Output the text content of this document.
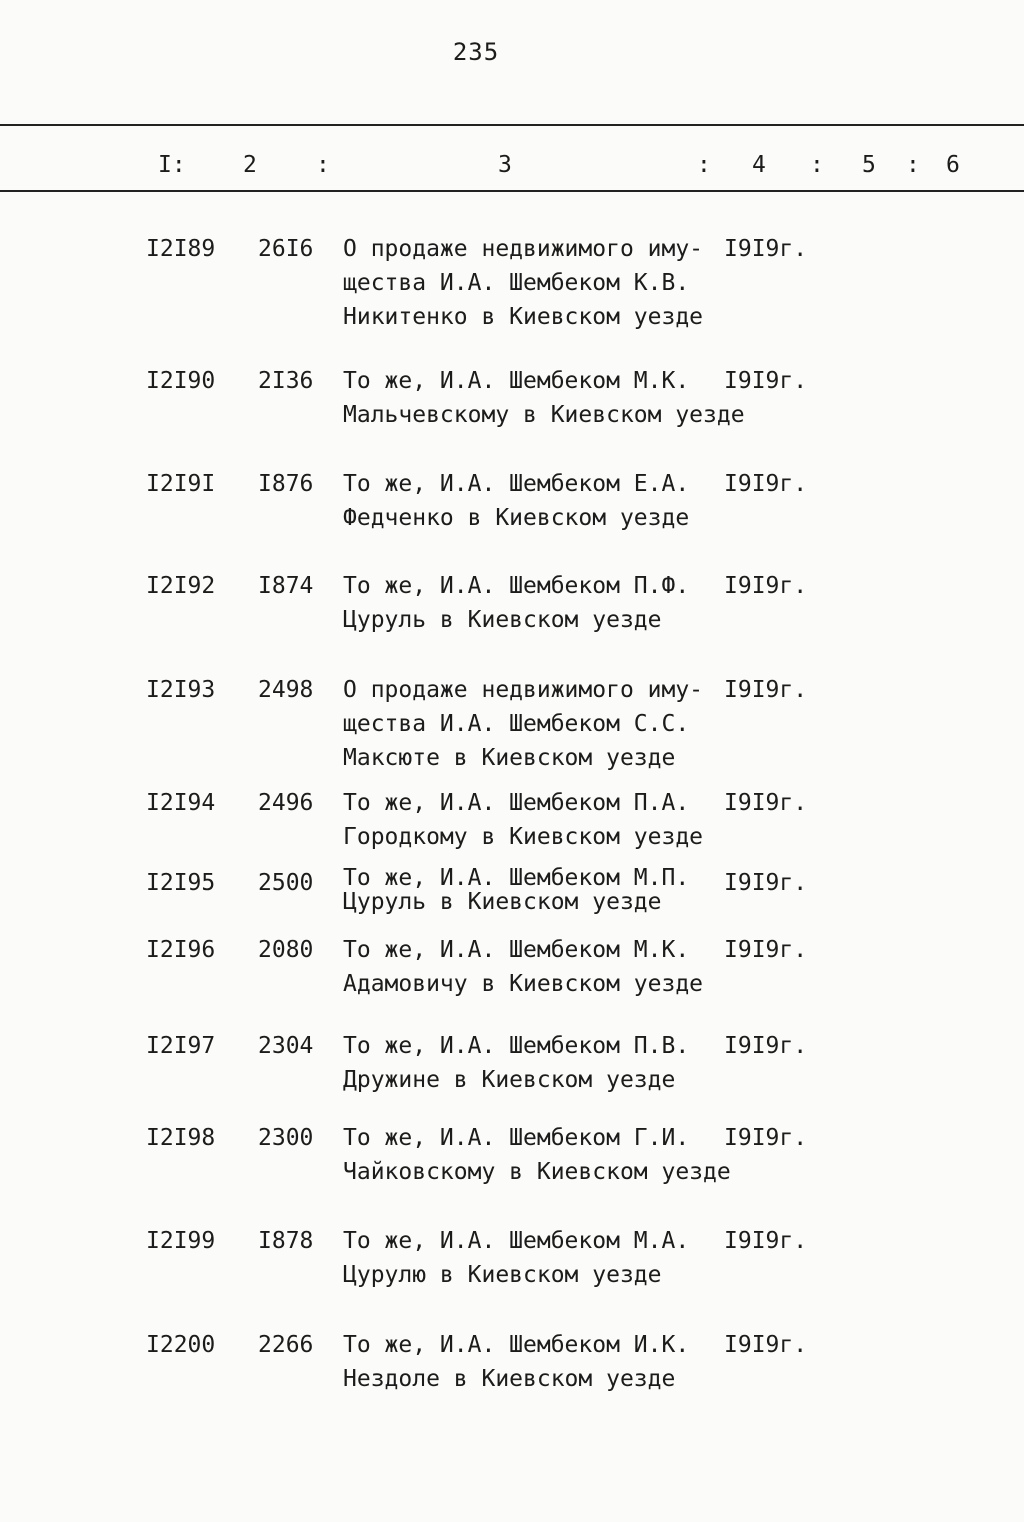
235
I: 2	:	3	: 4 : 5 : 6
I2I89 26I6 О продаже недвижимого иму-
щества И.А. Шембеком К.В.
Никитенко в Киевском уезде
I9I9г.
I2I90 2I36 То же, И.А. Шембеком М.К.
Мальчевскому в Киевском уезде
I9I9г.
I2I9I I876 То же, И.А. Шембеком Е.А.
Федченко в Киевском уезде
I9I9г.
I2I92 I874 То же, И.А. Шембеком П.Ф.
Цуруль в Киевском уезде
I9I9г.
I2I93 2498 О продаже недвижимого иму-
щества И.А. Шембеком С.С.
Максюте в Киевском уезде
I9I9г.
I2I94 2496 То же, И.А. Шембеком П.А.
Городкому в Киевском уезде
I9I9г.
I2I95 2500 То же, И.А. Шембеком М.П.
Цуруль в Киевском уезде
I9I9г.
I2I96 2080 То же, И.А. Шембеком М.К.
Адамовичу в Киевском уезде
I9I9г.
I2I97 2304 То же, И.А. Шембеком П.В.
Дружине в Киевском уезде
I9I9г.
I2I98 2300 То же, И.А. Шембеком Г.И.
Чайковскому в Киевском уезде
I9I9г.
I2I99 I878 То же, И.А. Шембеком М.А.
Цурулю в Киевском уезде
I9I9г.
I2200 2266 То же, И.А. Шембеком И.К.
Нездоле в Киевском уезде
I9I9г.
